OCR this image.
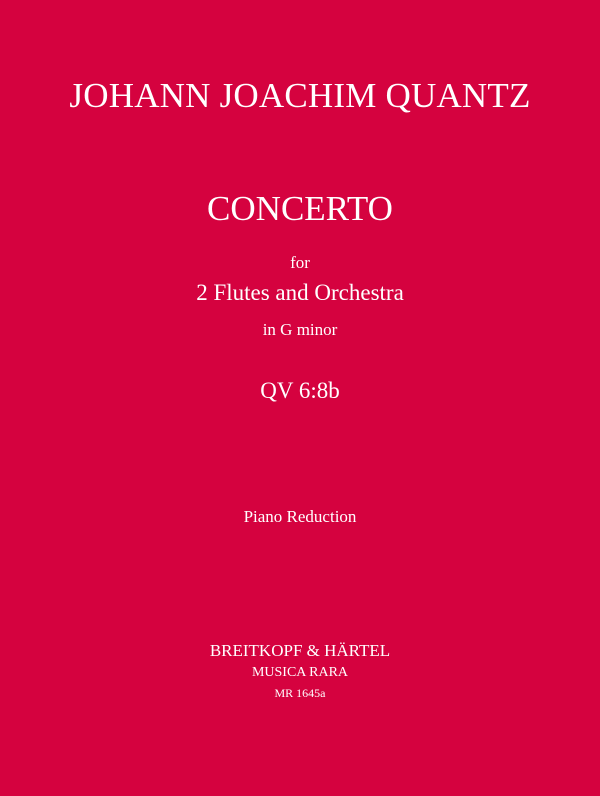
JOHANN JOACHIM QUANTZ
CONCERTO
for
2 Flutes and Orchestra
in G minor
QV 6:8b
Piano Reduction
BREITKOPF & HÄRTEL
MUSICA RARA
MR 1645a
